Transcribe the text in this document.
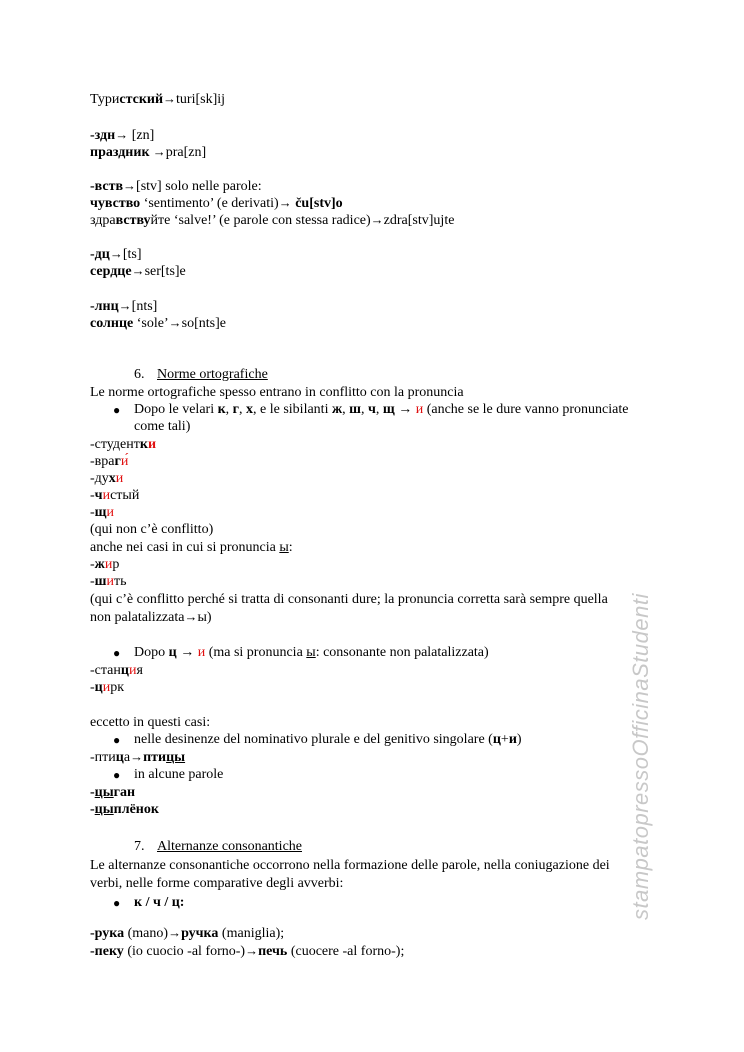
Туристский→turi[sk]ij
-здн→ [zn]
праздник →pra[zn]
-вств→[stv] solo nelle parole:
чувство ‘sentimento’ (e derivati)→ ču[stv]o
здравствуйте ‘salve!’ (e parole con stessa radice)→zdra[stv]ujte
-дц→[ts]
сердце→ser[ts]e
-лнц→[nts]
солнце ‘sole’→so[nts]e
6. Norme ortografiche
Le norme ortografiche spesso entrano in conflitto con la pronuncia
● Dopo le velari к, г, х, e le sibilanti ж, ш, ч, щ → и (anche se le dure vanno pronunciate
come tali)
-студентки
-враги́
-духи
-чистый
-щи
(qui non c’è conflitto)
anche nei casi in cui si pronuncia ы:
-жир
-шить
(qui c’è conflitto perché si tratta di consonanti dure; la pronuncia corretta sarà sempre quella
non palatalizzata→ы)
● Dopo ц → и (ma si pronuncia ы: consonante non palatalizzata)
-станция
-цирк
eccetto in questi casi:
● nelle desinenze del nominativo plurale e del genitivo singolare (ц+и)
-птица→птицы
● in alcune parole
-цыган
-цыплёнок
7. Alternanze consonantiche
Le alternanze consonantiche occorrono nella formazione delle parole, nella coniugazione dei
verbi, nelle forme comparative degli avverbi:
● к / ч / ц:
-рука (mano)→ручка (maniglia);
-пеку (io cuocio -al forno-)→печь (cuocere -al forno-);
stampatopressoOfficinaStudenti
